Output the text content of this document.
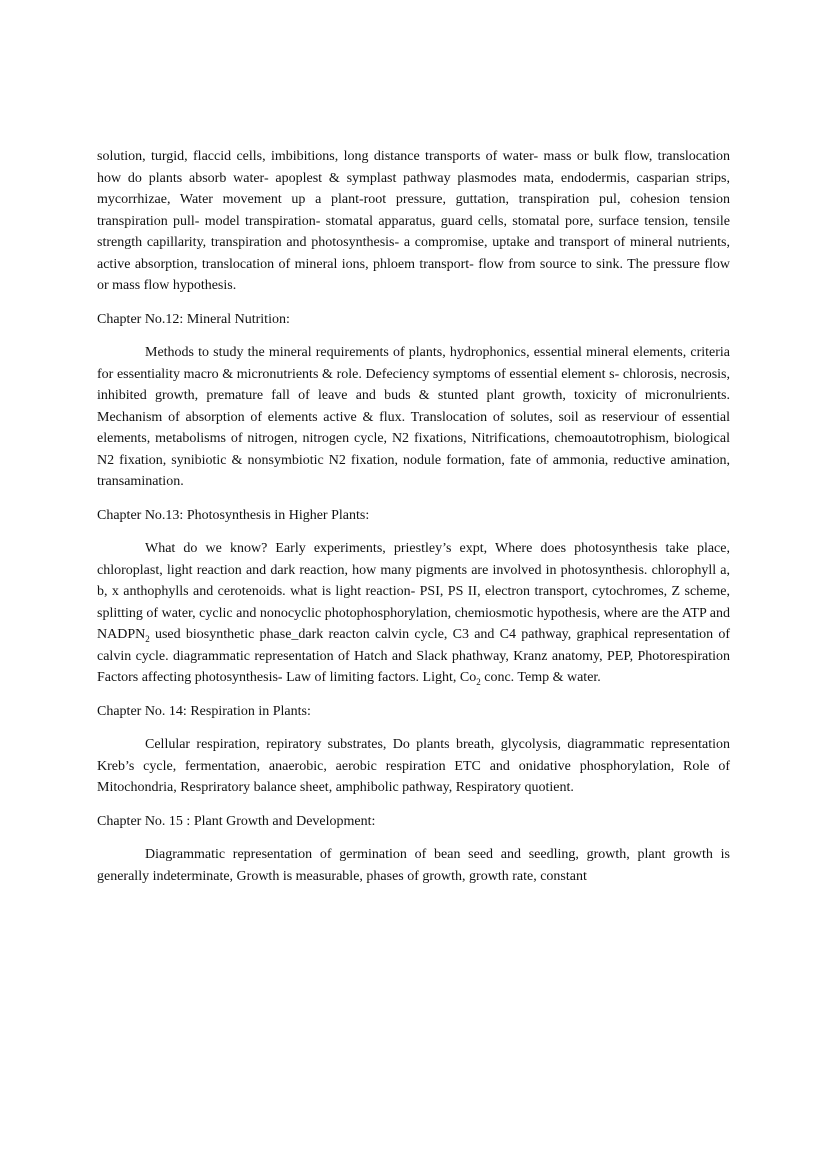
solution, turgid, flaccid cells, imbibitions, long distance transports of water- mass or bulk flow, translocation how do plants absorb water- apoplest & symplast pathway plasmodes mata, endodermis, casparian strips, mycorrhizae, Water movement up a plant-root pressure, guttation, transpiration pul, cohesion tension transpiration pull- model transpiration- stomatal apparatus, guard cells, stomatal pore, surface tension, tensile strength capillarity, transpiration and photosynthesis- a compromise, uptake and transport of mineral nutrients, active absorption, translocation of mineral ions, phloem transport- flow from source to sink. The pressure flow or mass flow hypothesis.

Chapter No.12: Mineral Nutrition:

Methods to study the mineral requirements of plants, hydrophonics, essential mineral elements, criteria for essentiality macro & micronutrients & role. Defeciency symptoms of essential element s- chlorosis, necrosis, inhibited growth, premature fall of leave and buds & stunted plant growth, toxicity of micronulrients. Mechanism of absorption of elements active & flux. Translocation of solutes, soil as reserviour of essential elements, metabolisms of nitrogen, nitrogen cycle, N2 fixations, Nitrifications, chemoautotrophism, biological N2 fixation, synibiotic & nonsymbiotic N2 fixation, nodule formation, fate of ammonia, reductive amination, transamination.

Chapter No.13: Photosynthesis in Higher Plants:

What do we know? Early experiments, priestley’s expt, Where does photosynthesis take place, chloroplast, light reaction and dark reaction, how many pigments are involved in photosynthesis. chlorophyll a, b, x anthophylls and cerotenoids. what is light reaction- PSI, PS II, electron transport, cytochromes, Z scheme, splitting of water, cyclic and nonocyclic photophosphorylation, chemiosmotic hypothesis, where are the ATP and $NADPN_2$ used biosynthetic phase_dark reacton calvin cycle, C3 and C4 pathway, graphical representation of calvin cycle. diagrammatic representation of Hatch and Slack phathway, Kranz anatomy, PEP, Photorespiration Factors affecting photosynthesis- Law of limiting factors. Light, $Co_2$ conc. Temp & water.

Chapter No. 14: Respiration in Plants:

Cellular respiration, repiratory substrates, Do plants breath, glycolysis, diagrammatic representation Kreb’s cycle, fermentation, anaerobic, aerobic respiration ETC and onidative phosphorylation, Role of Mitochondria, Respriratory balance sheet, amphibolic pathway, Respiratory quotient.

Chapter No. 15 : Plant Growth and Development:

Diagrammatic representation of germination of bean seed and seedling, growth, plant growth is generally indeterminate, Growth is measurable, phases of growth, growth rate, constant
